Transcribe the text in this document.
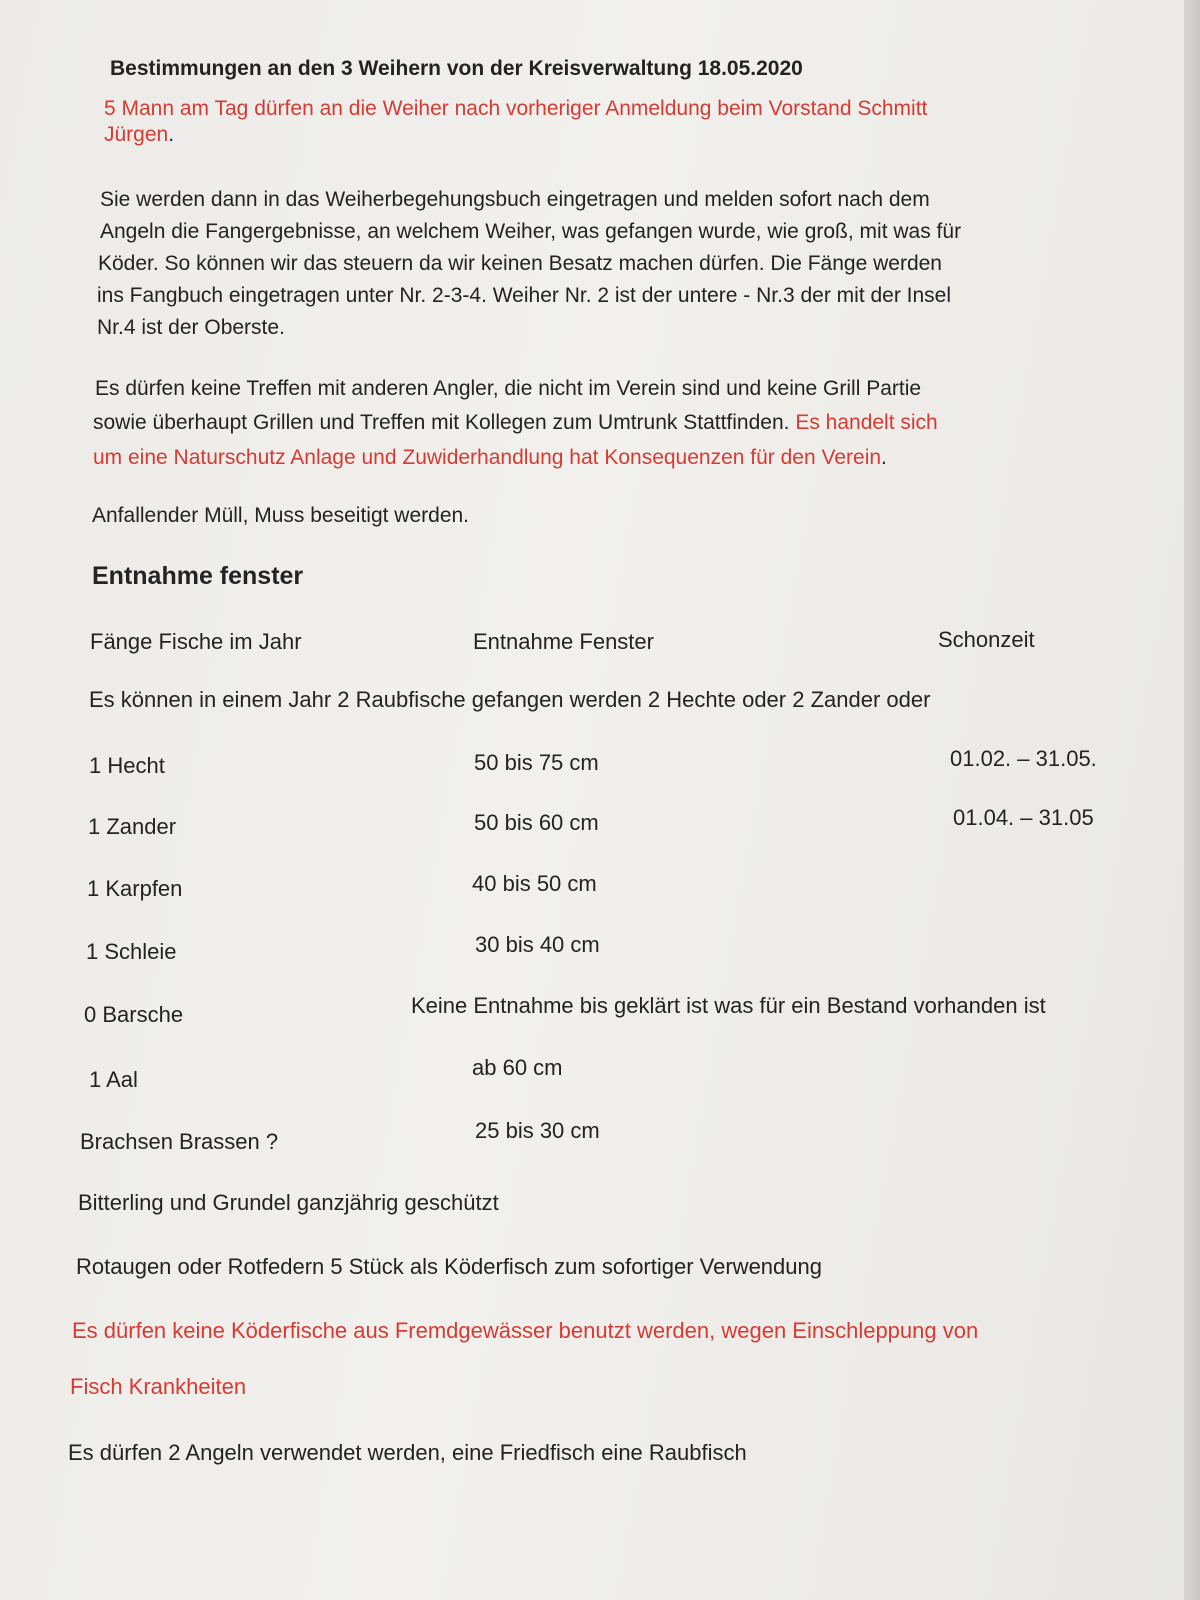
Bestimmungen an den 3 Weihern von der Kreisverwaltung 18.05.2020

5 Mann am Tag dürfen an die Weiher nach vorheriger Anmeldung beim Vorstand Schmitt

Jürgen.

Sie werden dann in das Weiherbegehungsbuch eingetragen und melden sofort nach dem

Angeln die Fangergebnisse, an welchem Weiher, was gefangen wurde, wie groß, mit was für

Köder. So können wir das steuern da wir keinen Besatz machen dürfen. Die Fänge werden

ins Fangbuch eingetragen unter Nr. 2-3-4. Weiher Nr. 2 ist der untere - Nr.3 der mit der Insel

Nr.4 ist der Oberste.

Es dürfen keine Treffen mit anderen Angler, die nicht im Verein sind und keine Grill Partie

sowie überhaupt Grillen und Treffen mit Kollegen zum Umtrunk Stattfinden. Es handelt sich

um eine Naturschutz Anlage und Zuwiderhandlung hat Konsequenzen für den Verein.

Anfallender Müll, Muss beseitigt werden.

Entnahme fenster
Fänge Fische im Jahr	Entnahme Fenster	Schonzeit
Es können in einem Jahr 2 Raubfische gefangen werden 2 Hechte oder 2 Zander oder
1 Hecht	50 bis 75 cm	01.02. – 31.05.
1 Zander	50 bis 60 cm	01.04. – 31.05
1 Karpfen	40 bis 50 cm
1 Schleie	30 bis 40 cm
0 Barsche	Keine Entnahme bis geklärt ist was für ein Bestand vorhanden ist
1 Aal	ab 60 cm
Brachsen Brassen ?	25 bis 30 cm
Bitterling und Grundel ganzjährig geschützt
Rotaugen oder Rotfedern 5 Stück als Köderfisch zum sofortiger Verwendung
Es dürfen keine Köderfische aus Fremdgewässer benutzt werden, wegen Einschleppung von
Fisch Krankheiten
Es dürfen 2 Angeln verwendet werden, eine Friedfisch eine Raubfisch
